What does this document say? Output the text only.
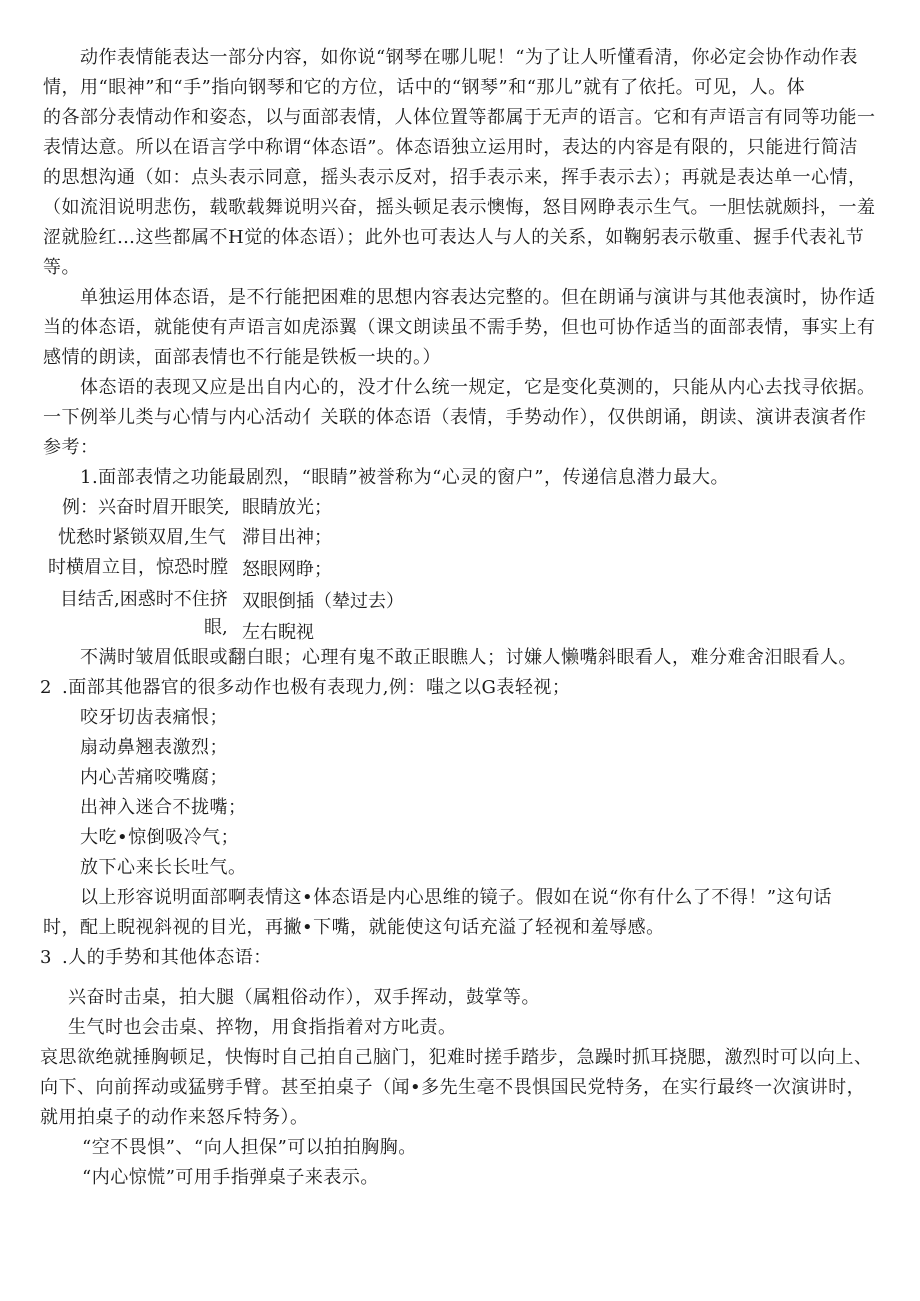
动作表情能表达一部分内容，如你说“钢琴在哪儿呢！“为了让人听懂看清，你必定会协作动作表
情，用“眼神”和“手”指向钢琴和它的方位，话中的“钢琴”和“那儿”就有了依托。可见，人。体
的各部分表情动作和姿态，以与面部表情，人体位置等都属于无声的语言。它和有声语言有同等功能一
表情达意。所以在语言学中称谓“体态语”。体态语独立运用时，表达的内容是有限的，只能进行简洁
的思想沟通（如：点头表示同意，摇头表示反对，招手表示来，挥手表示去）；再就是表达单一心情，
（如流泪说明悲伤，载歌载舞说明兴奋，摇头顿足表示懊悔，怒目网睁表示生气。一胆怯就颇抖，一羞
涩就脸红…这些都属不H觉的体态语）；此外也可表达人与人的关系，如鞠躬表示敬重、握手代表礼节
等。
单独运用体态语，是不行能把困难的思想内容表达完整的。但在朗诵与演讲与其他表演时，协作适
当的体态语，就能使有声语言如虎添翼（课文朗读虽不需手势，但也可协作适当的面部表情，事实上有
感情的朗读，面部表情也不行能是铁板一块的。）
体态语的表现又应是出自内心的，没才什么统一规定，它是变化莫测的，只能从内心去找寻依据。
一下例举儿类与心情与内心活动亻关联的体态语（表情，手势动作），仅供朗诵，朗读、演讲表演者作
参考：
1.面部表情之功能最剧烈，“眼睛”被誉称为“心灵的窗户”，传递信息潜力最大。
例：兴奋时眉开眼笑,
忧愁时紧锁双眉,生气
时横眉立目，惊恐时膛
目结舌,困惑时不住挤
眼,
眼睛放光；
滞目出神；
怒眼网睁；
双眼倒插（辇过去）
左右睨视
不满时皱眉低眼或翻白眼；心理有鬼不敢正眼瞧人；讨嫌人懒嘴斜眼看人，难分难舍汨眼看人。
2 .面部其他器官的很多动作也极有表现力,例：嗤之以G表轻视；
咬牙切齿表痛恨；
扇动鼻翘表激烈；
内心苦痛咬嘴腐；
出神入迷合不拢嘴；
大吃•惊倒吸冷气；
放下心来长长吐气。
以上形容说明面部啊表情这•体态语是内心思维的镜子。假如在说“你有什么了不得！”这句话
时，配上睨视斜视的目光，再撇•下嘴，就能使这句话充溢了轻视和羞辱感。
3 .人的手势和其他体态语：
兴奋时击桌，拍大腿（属粗俗动作），双手挥动，鼓掌等。
生气时也会击桌、捽物，用食指指着对方叱责。
哀思欲绝就捶胸顿足，快悔时自己拍自己脑门，犯难时搓手踏步，急躁时抓耳挠腮，激烈时可以向上、
向下、向前挥动或猛劈手臂。甚至拍桌子（闻•多先生亳不畏惧国民党特务，在实行最终一次演讲时，
就用拍桌子的动作来怒斥特务）。
“空不畏惧”、“向人担保”可以拍拍胸胸。
“内心惊慌”可用手指弹桌子来表示。
